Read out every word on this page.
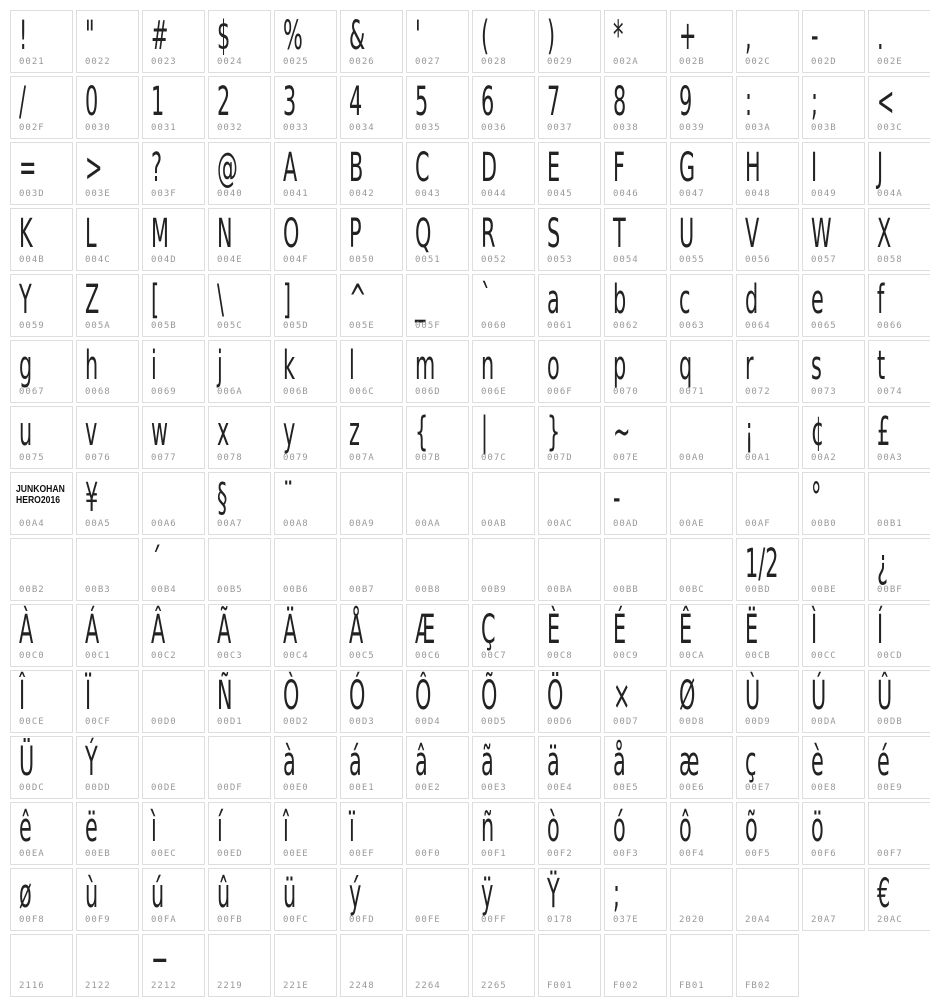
!
0021
"
0022
#
0023
$
0024
%
0025
&
0026
'
0027
(
0028
)
0029
*
002A
+
002B
,
002C
-
002D
.
002E
/
002F
0
0030
1
0031
2
0032
3
0033
4
0034
5
0035
6
0036
7
0037
8
0038
9
0039
:
003A
;
003B
<
003C
=
003D
>
003E
?
003F
@
0040
A
0041
B
0042
C
0043
D
0044
E
0045
F
0046
G
0047
H
0048
I
0049
J
004A
K
004B
L
004C
M
004D
N
004E
O
004F
P
0050
Q
0051
R
0052
S
0053
T
0054
U
0055
V
0056
W
0057
X
0058
Y
0059
Z
005A
[
005B
\
005C
]
005D
^
005E
_
005F
`
0060
a
0061
b
0062
c
0063
d
0064
e
0065
f
0066
g
0067
h
0068
i
0069
j
006A
k
006B
l
006C
m
006D
n
006E
o
006F
p
0070
q
0071
r
0072
s
0073
t
0074
u
0075
v
0076
w
0077
x
0078
y
0079
z
007A
{
007B
|
007C
}
007D
~
007E	00A0
¡
00A1
¢
00A2
£
00A3
JUNKOHAN
HERO2016
00A4
¥
00A5	00A6
§
00A7
¨
00A8	00A9	00AA	00AB	00AC
-
00AD	00AE	00AF
°
00B0	00B1
00B2	00B3
´
00B4	00B5	00B6	00B7	00B8	00B9	00BA	00BB	00BC
1/2
00BD	00BE
¿
00BF
À
00C0
Á
00C1
Â
00C2
Ã
00C3
Ä
00C4
Å
00C5
Æ
00C6
Ç
00C7
È
00C8
É
00C9
Ê
00CA
Ë
00CB
Ì
00CC
Í
00CD
Î
00CE
Ï
00CF	00D0
Ñ
00D1
Ò
00D2
Ó
00D3
Ô
00D4
Õ
00D5
Ö
00D6
×
00D7
Ø
00D8
Ù
00D9
Ú
00DA
Û
00DB
Ü
00DC
Ý
00DD	00DE	00DF
à
00E0
á
00E1
â
00E2
ã
00E3
ä
00E4
å
00E5
æ
00E6
ç
00E7
è
00E8
é
00E9
ê
00EA
ë
00EB
ì
00EC
í
00ED
î
00EE
ï
00EF	00F0
ñ
00F1
ò
00F2
ó
00F3
ô
00F4
õ
00F5
ö
00F6	00F7
ø
00F8
ù
00F9
ú
00FA
û
00FB
ü
00FC
ý
00FD	00FE
ÿ
00FF
Ÿ
0178
;
037E	2020	20A4	20A7
€
20AC
2116	2122
−
2212	2219	221E	2248	2264	2265	F001	F002	FB01	FB02
